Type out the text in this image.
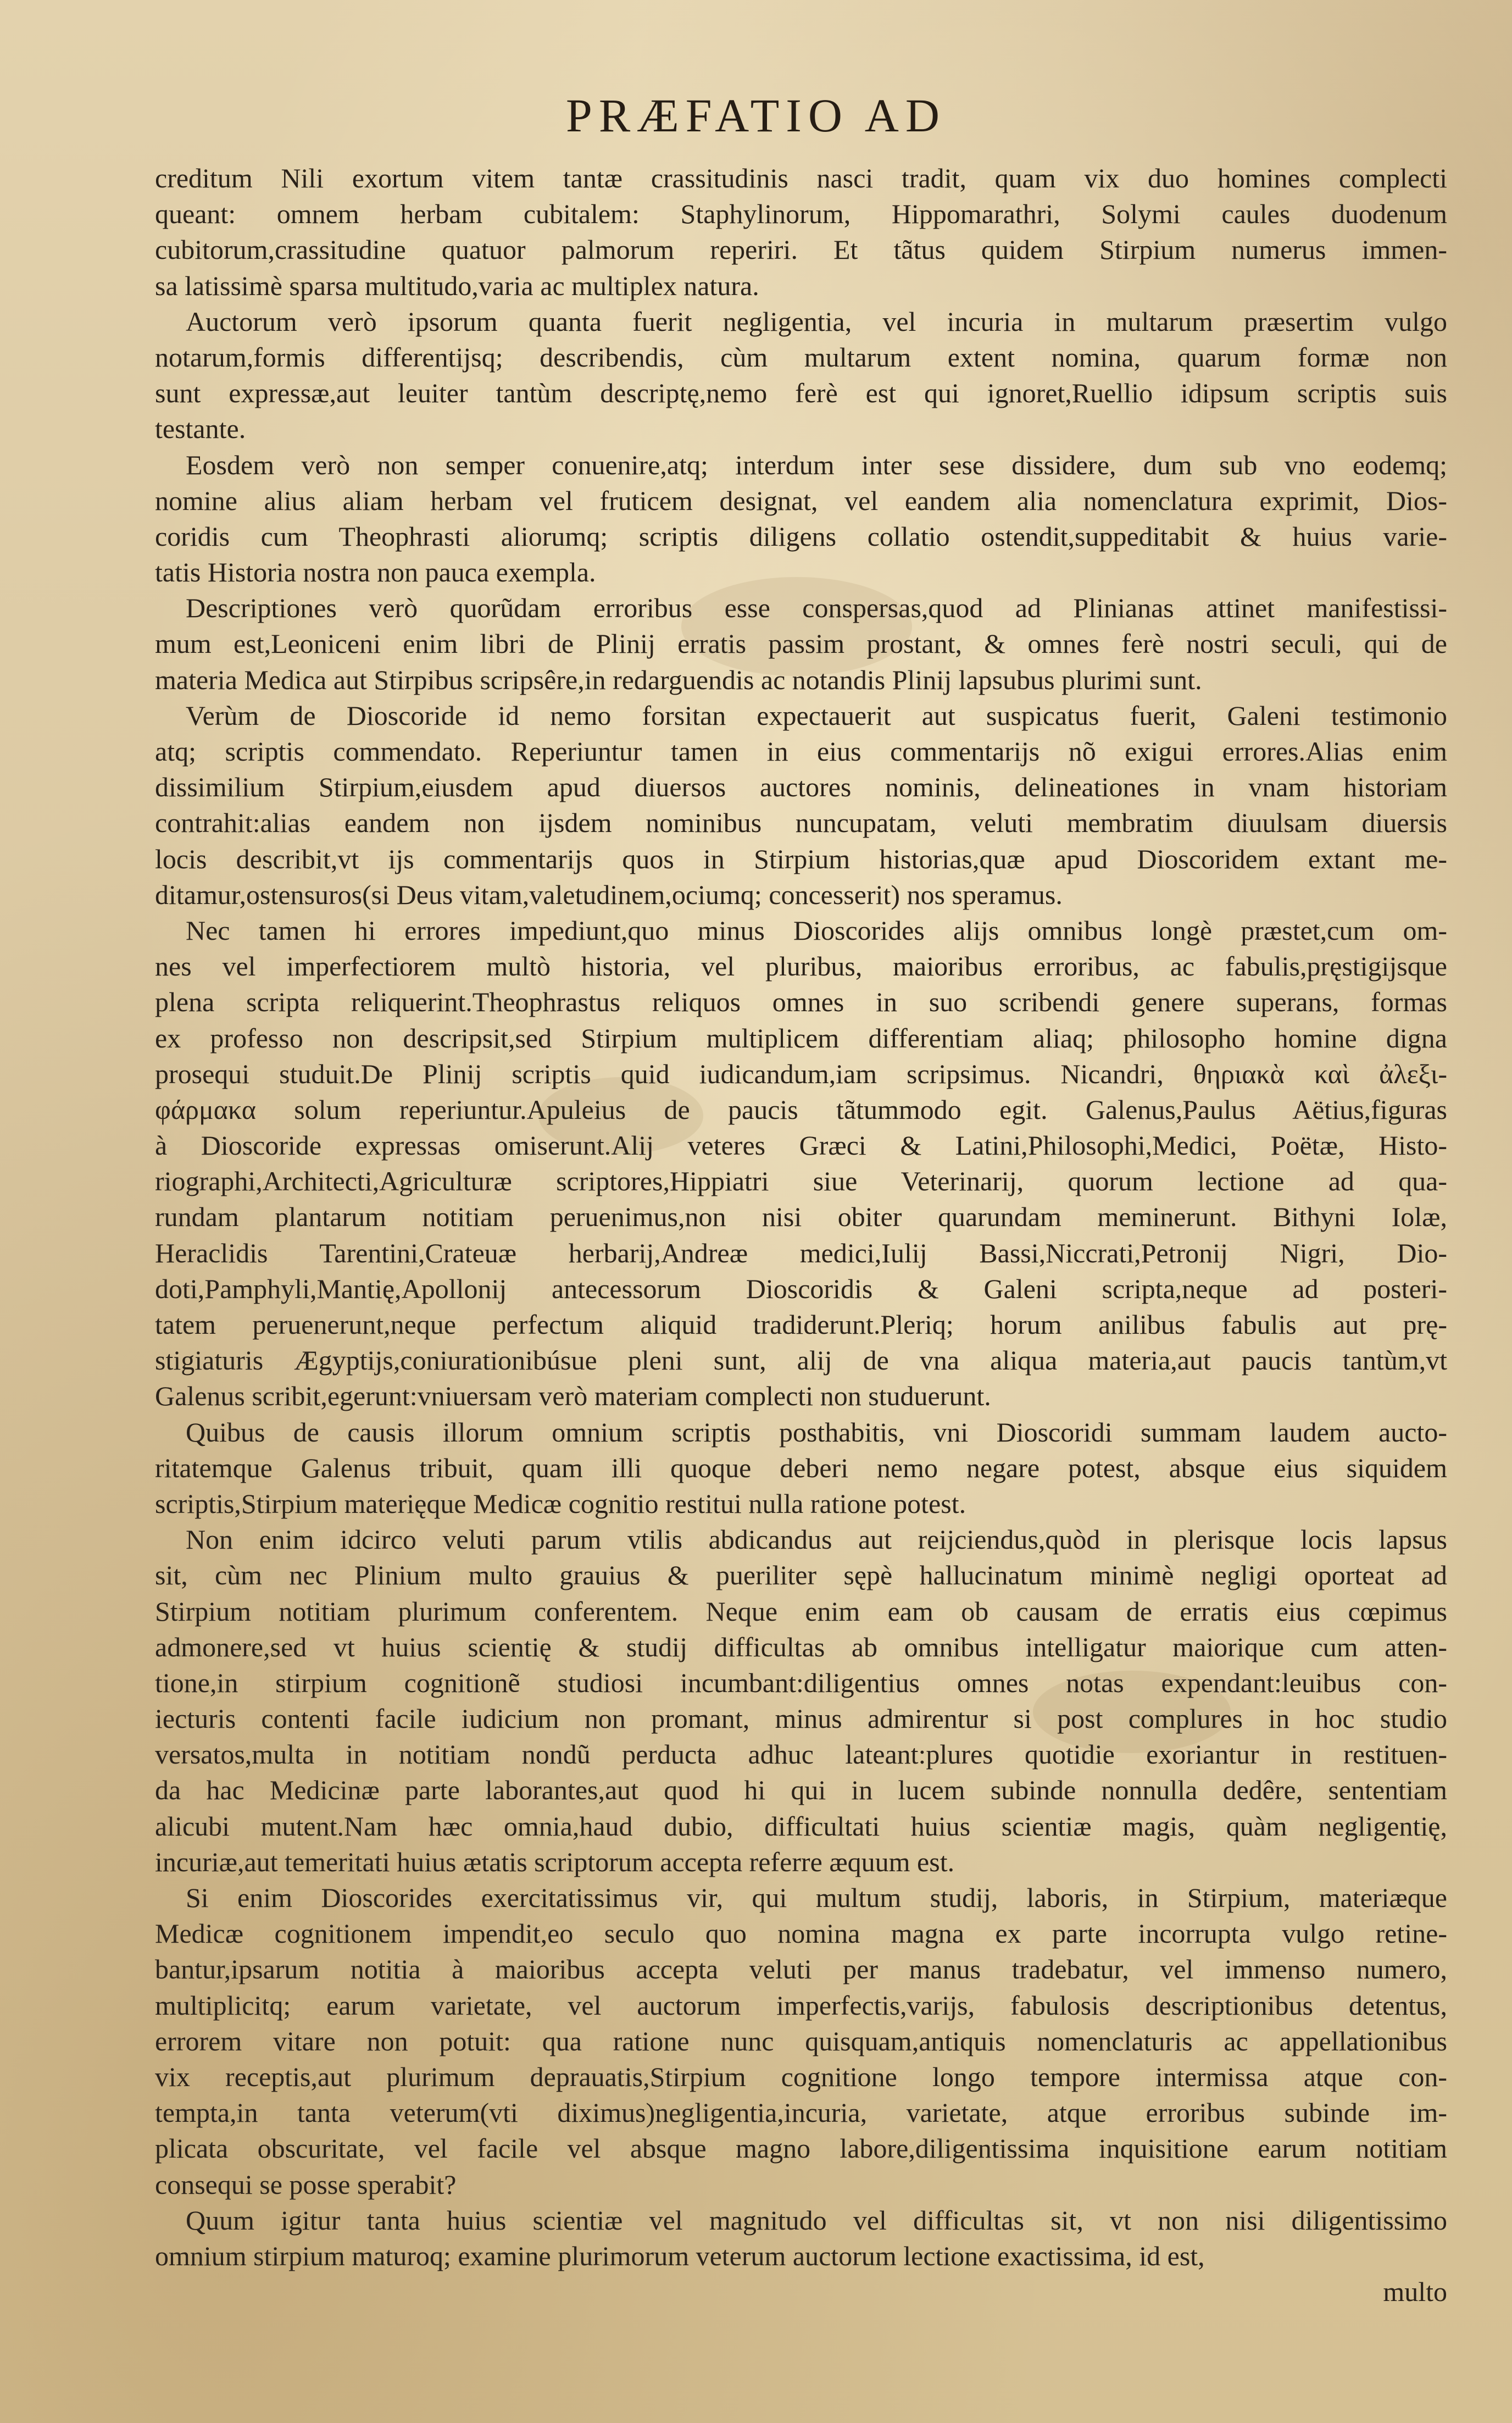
PRÆFATIO AD
creditum Nili exortum vitem tantæ crassitudinis nasci tradit, quam vix duo homines complecti
queant: omnem herbam cubitalem: Staphylinorum, Hippomarathri, Solymi caules duodenum
cubitorum,crassitudine quatuor palmorum reperiri. Et tãtus quidem Stirpium numerus immen-
sa latissimè sparsa multitudo,varia ac multiplex natura.
Auctorum verò ipsorum quanta fuerit negligentia, vel incuria in multarum præsertim vulgo
notarum,formis differentijsq; describendis, cùm multarum extent nomina, quarum formæ non
sunt expressæ,aut leuiter tantùm descriptę,nemo ferè est qui ignoret,Ruellio idipsum scriptis suis
testante.
Eosdem verò non semper conuenire,atq; interdum inter sese dissidere, dum sub vno eodemq;
nomine alius aliam herbam vel fruticem designat, vel eandem alia nomenclatura exprimit, Dios-
coridis cum Theophrasti aliorumq; scriptis diligens collatio ostendit,suppeditabit & huius varie-
tatis Historia nostra non pauca exempla.
Descriptiones verò quorũdam erroribus esse conspersas,quod ad Plinianas attinet manifestissi-
mum est,Leoniceni enim libri de Plinij erratis passim prostant, & omnes ferè nostri seculi, qui de
materia Medica aut Stirpibus scripsêre,in redarguendis ac notandis Plinij lapsubus plurimi sunt.
Verùm de Dioscoride id nemo forsitan expectauerit aut suspicatus fuerit, Galeni testimonio
atq; scriptis commendato. Reperiuntur tamen in eius commentarijs nõ exigui errores.Alias enim
dissimilium Stirpium,eiusdem apud diuersos auctores nominis, delineationes in vnam historiam
contrahit:alias eandem non ijsdem nominibus nuncupatam, veluti membratim diuulsam diuersis
locis describit,vt ijs commentarijs quos in Stirpium historias,quæ apud Dioscoridem extant me-
ditamur,ostensuros(si Deus vitam,valetudinem,ociumq; concesserit) nos speramus.
Nec tamen hi errores impediunt,quo minus Dioscorides alijs omnibus longè præstet,cum om-
nes vel imperfectiorem multò historia, vel pluribus, maioribus erroribus, ac fabulis,pręstigijsque
plena scripta reliquerint.Theophrastus reliquos omnes in suo scribendi genere superans, formas
ex professo non descripsit,sed Stirpium multiplicem differentiam aliaq; philosopho homine digna
prosequi studuit.De Plinij scriptis quid iudicandum,iam scripsimus. Nicandri, θηριακὰ καὶ ἀλεξι-
φάρμακα solum reperiuntur.Apuleius de paucis tãtummodo egit. Galenus,Paulus Aëtius,figuras
à Dioscoride expressas omiserunt.Alij veteres Græci & Latini,Philosophi,Medici, Poëtæ, Histo-
riographi,Architecti,Agriculturæ scriptores,Hippiatri siue Veterinarij, quorum lectione ad qua-
rundam plantarum notitiam peruenimus,non nisi obiter quarundam meminerunt. Bithyni Iolæ,
Heraclidis Tarentini,Crateuæ herbarij,Andreæ medici,Iulij Bassi,Niccrati,Petronij Nigri, Dio-
doti,Pamphyli,Mantię,Apollonij antecessorum Dioscoridis & Galeni scripta,neque ad posteri-
tatem peruenerunt,neque perfectum aliquid tradiderunt.Pleriq; horum anilibus fabulis aut prę-
stigiaturis Ægyptijs,coniurationibúsue pleni sunt, alij de vna aliqua materia,aut paucis tantùm,vt
Galenus scribit,egerunt:vniuersam verò materiam complecti non studuerunt.
Quibus de causis illorum omnium scriptis posthabitis, vni Dioscoridi summam laudem aucto-
ritatemque Galenus tribuit, quam illi quoque deberi nemo negare potest, absque eius siquidem
scriptis,Stirpium materięque Medicæ cognitio restitui nulla ratione potest.
Non enim idcirco veluti parum vtilis abdicandus aut reijciendus,quòd in plerisque locis lapsus
sit, cùm nec Plinium multo grauius & pueriliter sępè hallucinatum minimè negligi oporteat ad
Stirpium notitiam plurimum conferentem. Neque enim eam ob causam de erratis eius cœpimus
admonere,sed vt huius scientię & studij difficultas ab omnibus intelligatur maiorique cum atten-
tione,in stirpium cognitionẽ studiosi incumbant:diligentius omnes notas expendant:leuibus con-
iecturis contenti facile iudicium non promant, minus admirentur si post complures in hoc studio
versatos,multa in notitiam nondũ perducta adhuc lateant:plures quotidie exoriantur in restituen-
da hac Medicinæ parte laborantes,aut quod hi qui in lucem subinde nonnulla dedêre, sententiam
alicubi mutent.Nam hæc omnia,haud dubio, difficultati huius scientiæ magis, quàm negligentię,
incuriæ,aut temeritati huius ætatis scriptorum accepta referre æquum est.
Si enim Dioscorides exercitatissimus vir, qui multum studij, laboris, in Stirpium, materiæque
Medicæ cognitionem impendit,eo seculo quo nomina magna ex parte incorrupta vulgo retine-
bantur,ipsarum notitia à maioribus accepta veluti per manus tradebatur, vel immenso numero,
multiplicitq; earum varietate, vel auctorum imperfectis,varijs, fabulosis descriptionibus detentus,
errorem vitare non potuit: qua ratione nunc quisquam,antiquis nomenclaturis ac appellationibus
vix receptis,aut plurimum deprauatis,Stirpium cognitione longo tempore intermissa atque con-
tempta,in tanta veterum(vti diximus)negligentia,incuria, varietate, atque erroribus subinde im-
plicata obscuritate, vel facile vel absque magno labore,diligentissima inquisitione earum notitiam
consequi se posse sperabit?
Quum igitur tanta huius scientiæ vel magnitudo vel difficultas sit, vt non nisi diligentissimo
omnium stirpium maturoq; examine plurimorum veterum auctorum lectione exactissima, id est,
multo
